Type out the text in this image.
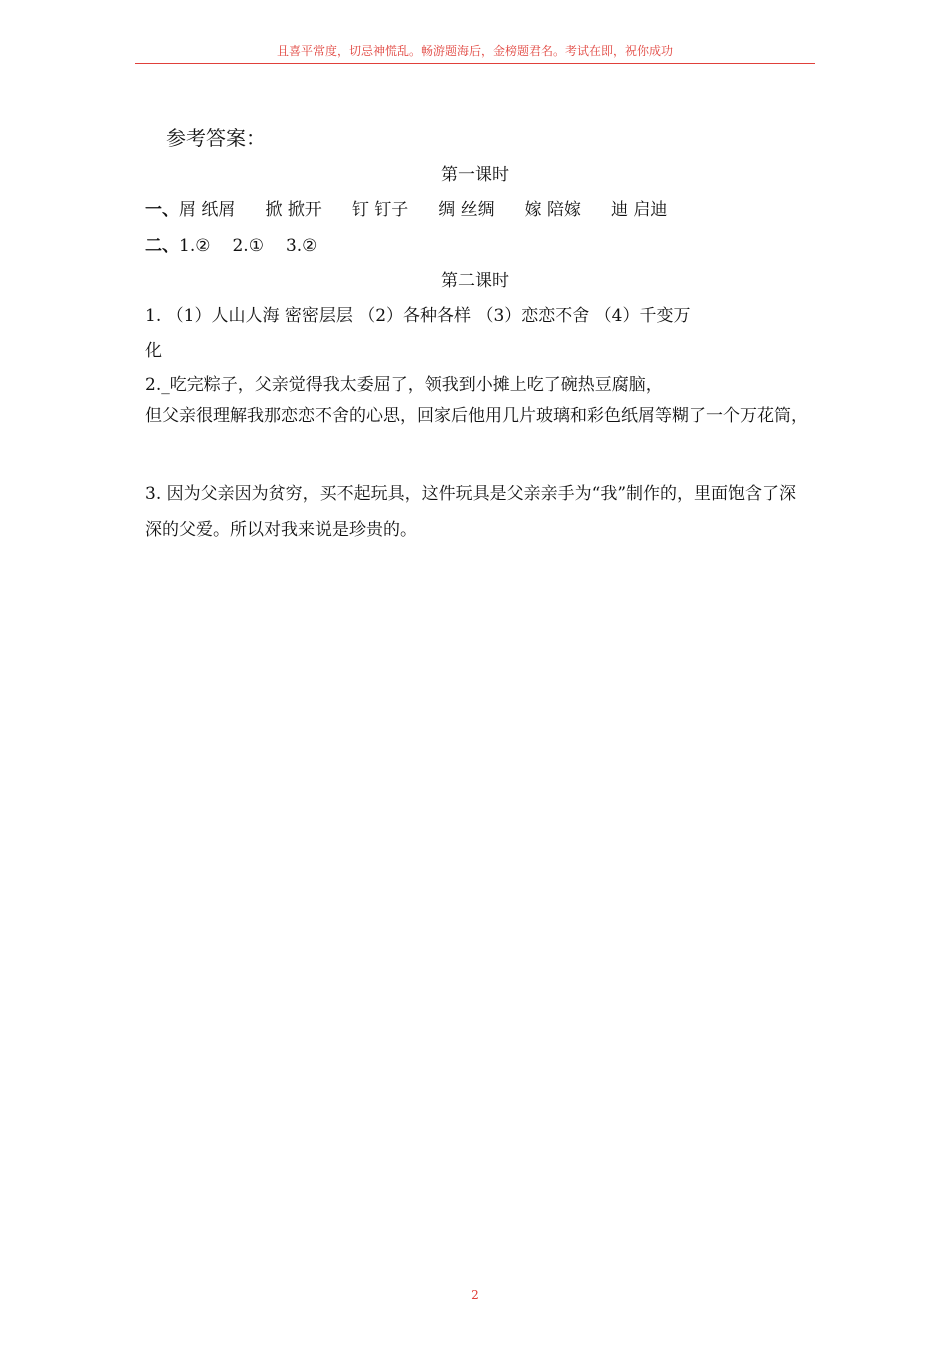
且喜平常度，切忌神慌乱。畅游题海后，金榜题君名。考试在即，祝你成功
参考答案：
第一课时
一、屑 纸屑 掀 掀开 钉 钉子 绸 丝绸 嫁 陪嫁 迪 启迪
二、1.② 2.① 3.②
第二课时
1. （1）人山人海 密密层层 （2）各种各样 （3）恋恋不舍 （4）千变万
化
2._吃完粽子，父亲觉得我太委屈了，领我到小摊上吃了碗热豆腐脑，
但父亲很理解我那恋恋不舍的心思，回家后他用几片玻璃和彩色纸屑等糊了一个万花筒，
3. 因为父亲因为贫穷，买不起玩具，这件玩具是父亲亲手为“我”制作的，里面饱含了深深的父爱。所以对我来说是珍贵的。
2
